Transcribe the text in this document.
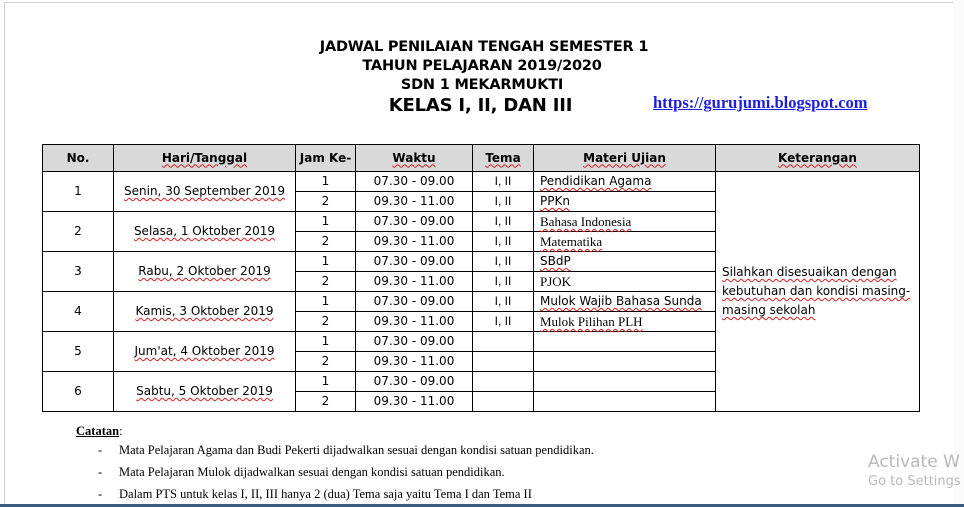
JADWAL PENILAIAN TENGAH SEMESTER 1
TAHUN PELAJARAN 2019/2020
SDN 1 MEKARMUKTI
KELAS I, II, DAN III	https://gurujumi.blogspot.com
No.	Hari/Tanggal	Jam Ke-	Waktu	Tema	Materi Ujian	Keterangan
1	Senin, 30 September 2019	1	07.30 - 09.00	I, II	Pendidikan Agama	Silahkan disesuaikan dengan kebutuhan dan kondisi masing-masing sekolah
		2	09.30 - 11.00	I, II	PPKn	
2	Selasa, 1 Oktober 2019	1	07.30 - 09.00	I, II	Bahasa Indonesia	
		2	09.30 - 11.00	I, II	Matematika	
3	Rabu, 2 Oktober 2019	1	07.30 - 09.00	I, II	SBdP	
		2	09.30 - 11.00	I, II	PJOK	
4	Kamis, 3 Oktober 2019	1	07.30 - 09.00	I, II	Mulok Wajib Bahasa Sunda	
		2	09.30 - 11.00	I, II	Mulok Pilihan PLH	
5	Jum'at, 4 Oktober 2019	1	07.30 - 09.00			
		2	09.30 - 11.00			
6	Sabtu, 5 Oktober 2019	1	07.30 - 09.00			
		2	09.30 - 11.00			
Catatan:
- Mata Pelajaran Agama dan Budi Pekerti dijadwalkan sesuai dengan kondisi satuan pendidikan.
- Mata Pelajaran Mulok dijadwalkan sesuai dengan kondisi satuan pendidikan.
- Dalam PTS untuk kelas I, II, III hanya 2 (dua) Tema saja yaitu Tema I dan Tema II
Activate W
Go to Settings
